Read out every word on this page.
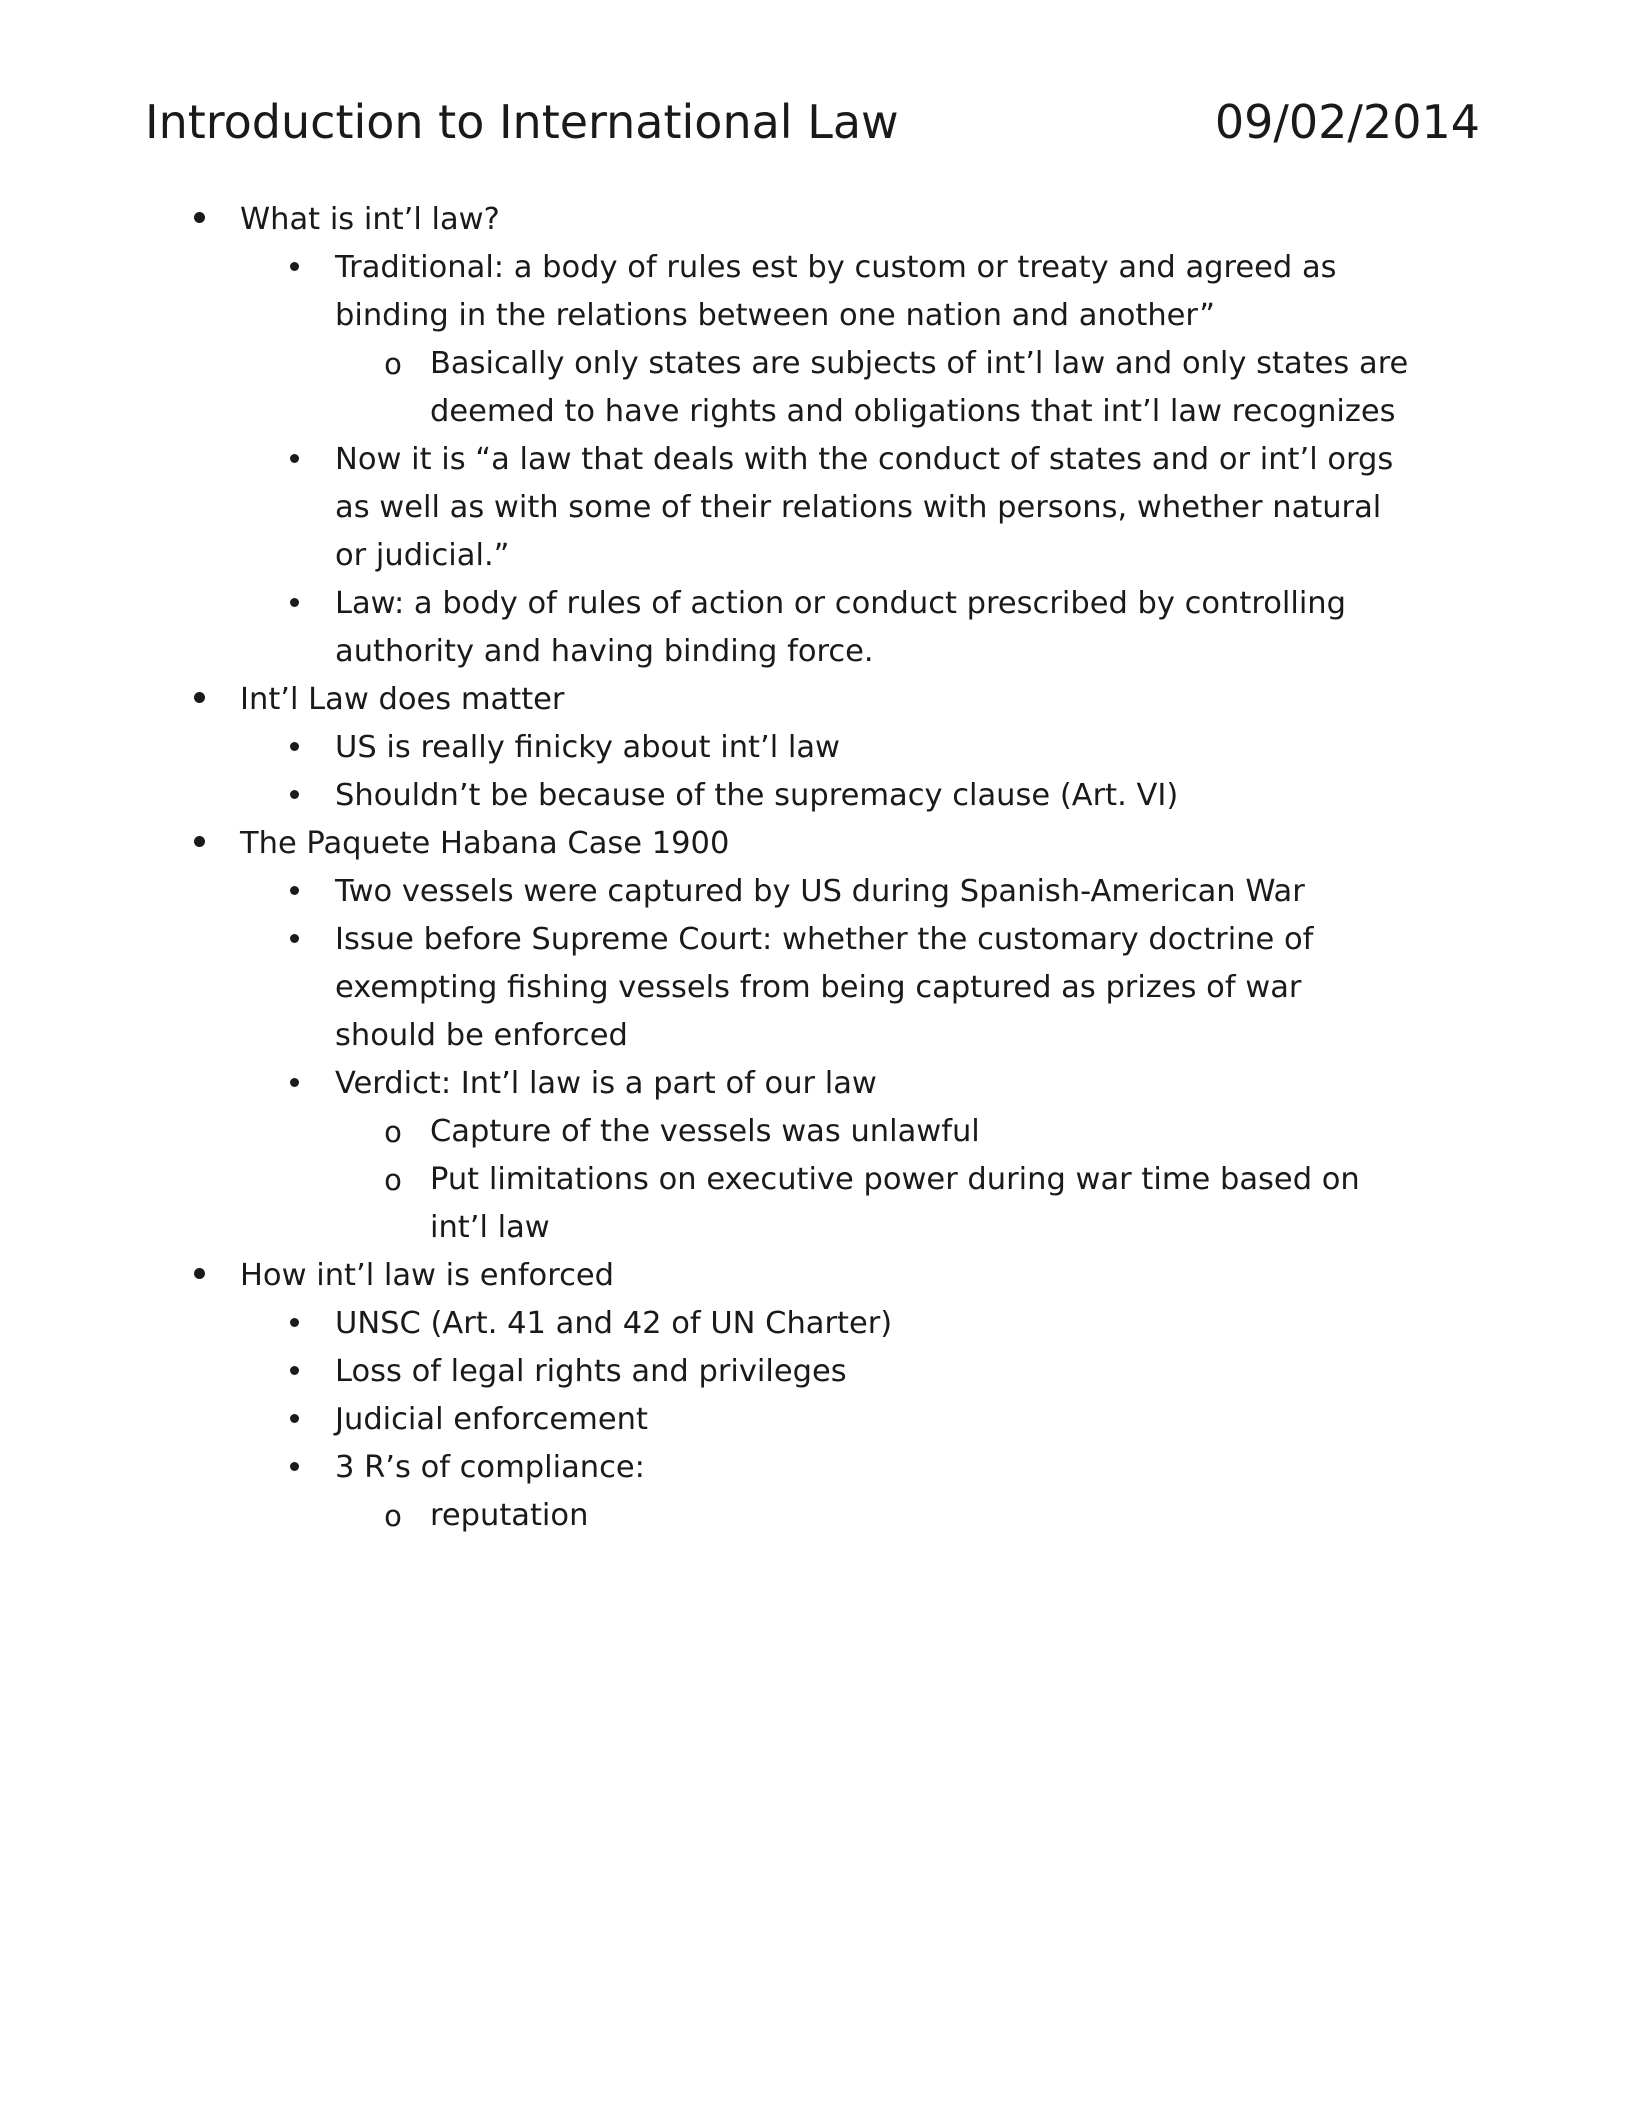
Introduction to International Law	09/02/2014
What is int’l law?
Traditional: a body of rules est by custom or treaty and agreed as binding in the relations between one nation and another”
o Basically only states are subjects of int’l law and only states are deemed to have rights and obligations that int’l law recognizes
Now it is “a law that deals with the conduct of states and or int’l orgs as well as with some of their relations with persons, whether natural or judicial.”
Law: a body of rules of action or conduct prescribed by controlling authority and having binding force.
Int’l Law does matter
US is really finicky about int’l law
Shouldn’t be because of the supremacy clause (Art. VI)
The Paquete Habana Case 1900
Two vessels were captured by US during Spanish-American War
Issue before Supreme Court: whether the customary doctrine of exempting fishing vessels from being captured as prizes of war should be enforced
Verdict: Int’l law is a part of our law
o Capture of the vessels was unlawful
o Put limitations on executive power during war time based on int’l law
How int’l law is enforced
UNSC (Art. 41 and 42 of UN Charter)
Loss of legal rights and privileges
Judicial enforcement
3 R’s of compliance:
o reputation
